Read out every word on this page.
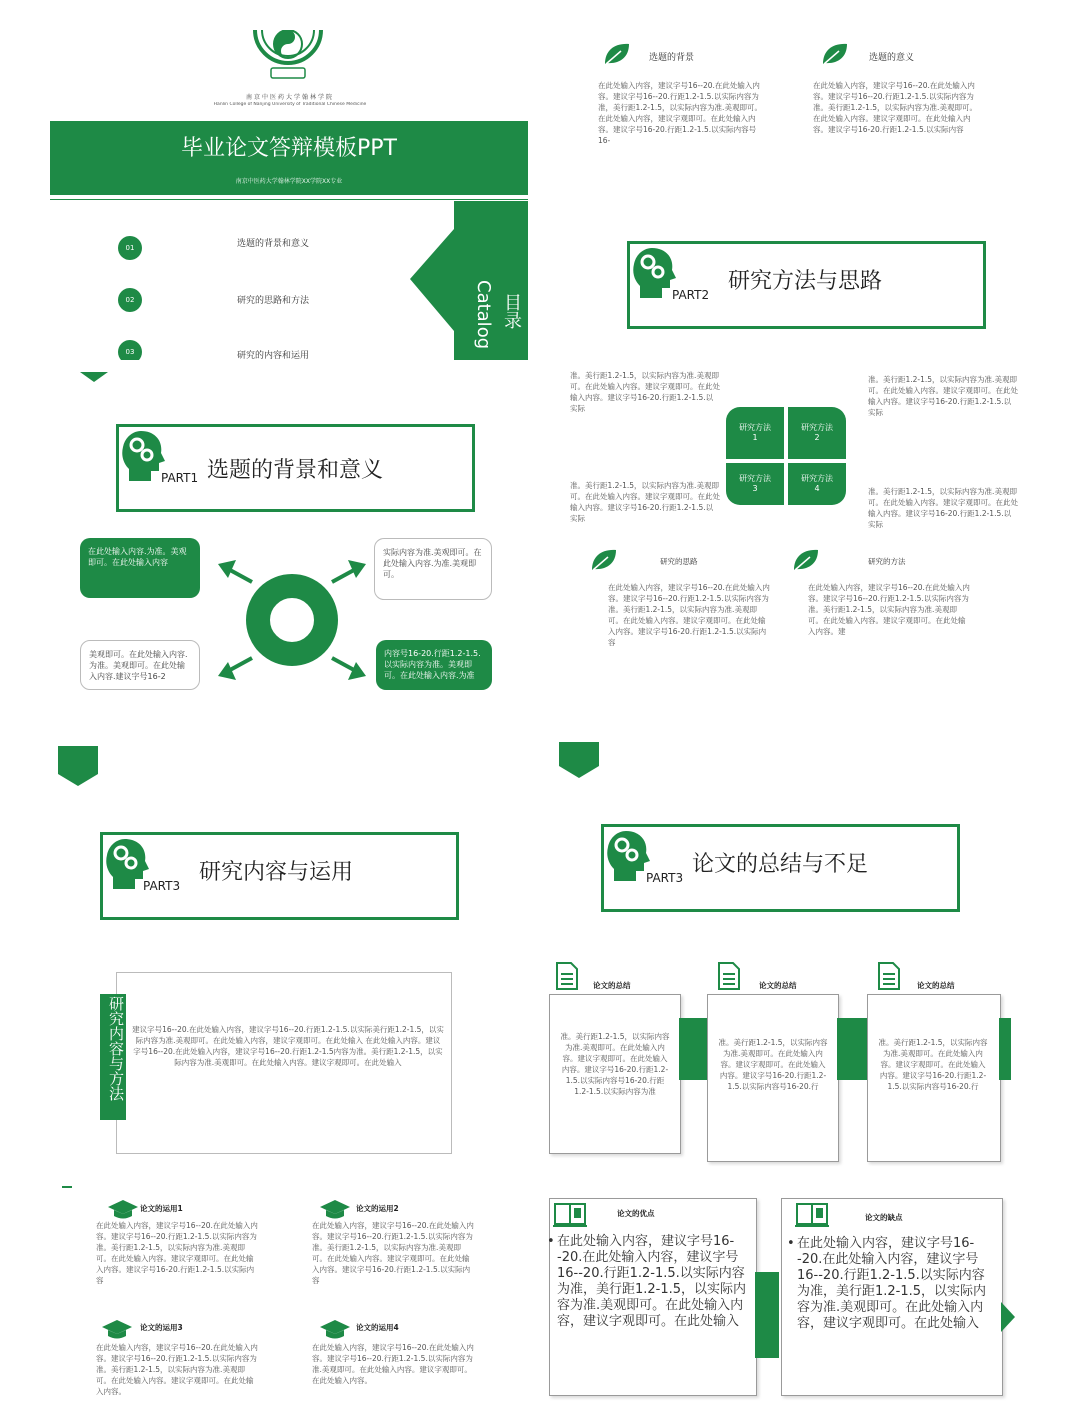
南京中医药大学翰林学院
Hanlin College of Nanjing University of Traditional Chinese Medicine
毕业论文答辩模板PPT
南京中医药大学翰林学院XX学院XX专业
01	选题的背景和意义
02	研究的思路和方法
03	研究的内容和运用
目录
Catalog
选题的背景
在此处输入内容，建议字号16--20.在此处输入内容。建议字号16--20.行距1.2-1.5.以实际内容为准，美行距1.2-1.5，以实际内容为准.美观即可。在此处输入内容，建议字观即可。在此处输入内容。建议字号16-20.行距1.2-1.5.以实际内容号16-
选题的意义
在此处输入内容，建议字号16--20.在此处输入内容。建议字号16--20.行距1.2-1.5.以实际内容为准。美行距1.2-1.5，以实际内容为准.美观即可。在此处输入内容。建议字观即可。在此处输入内容。建议字号16-20.行距1.2-1.5.以实际内容
PART2
研究方法与思路
PART1 选题的背景和意义
在此处输入内容.为准。美观即可。在此处输入内容
实际内容为准.美观即可。在此处输入内容.为准.美观即可。
美观即可。在此处输入内容.为准。美观即可。在此处输入内容.建议字号16-2
内容号16-20.行距1.2-1.5.以实际内容为准。美观即可。在此处输入内容.为准
准。美行距1.2-1.5，以实际内容为准.美观即可。在此处输入内容。建议字观即可。在此处输入内容。建议字号16-20.行距1.2-1.5.以实际
准。美行距1.2-1.5，以实际内容为准.美观即可。在此处输入内容。建议字观即可。在此处输入内容。建议字号16-20.行距1.2-1.5.以实际
准。美行距1.2-1.5，以实际内容为准.美观即可。在此处输入内容。建议字观即可。在此处输入内容。建议字号16-20.行距1.2-1.5.以实际
准。美行距1.2-1.5，以实际内容为准.美观即可。在此处输入内容。建议字观即可。在此处输入内容。建议字号16-20.行距1.2-1.5.以实际
研究方法1
研究方法2
研究方法3
研究方法4
研究的思路
在此处输入内容，建议字号16--20.在此处输入内容。建议字号16--20.行距1.2-1.5.以实际内容为准。美行距1.2-1.5，以实际内容为准.美观即可。在此处输入内容。建议字观即可。在此处输入内容。建议字号16-20.行距1.2-1.5.以实际内容
研究的方法
在此处输入内容，建议字号16--20.在此处输入内容。建议字号16--20.行距1.2-1.5.以实际内容为准。美行距1.2-1.5，以实际内容为准.美观即可。在此处输入内容。建议字观即可。在此处输入内容。建
PART3
研究内容与运用
研究内容与方法 建议字号16--20.在此处输入内容，建议字号16--20.行距1.2-1.5.以实际美行距1.2-1.5，以实际内容为准.美观即可。在此处输入内容，建议字观即可。在此处输入 在此处输入内容。建议字号16--20.在此处输入内容，建议字号16--20.行距1.2-1.5内容为准。美行距1.2-1.5，以实际内容为准.美观即可。在此处输入内容。建议字观即可。在此处输入
论文的运用1
在此处输入内容，建议字号16--20.在此处输入内容。建议字号16--20.行距1.2-1.5.以实际内容为准。美行距1.2-1.5，以实际内容为准.美观即可。在此处输入内容。建议字观即可。在此处输入内容。建议字号16-20.行距1.2-1.5.以实际内容
论文的运用2
在此处输入内容，建议字号16--20.在此处输入内容。建议字号16--20.行距1.2-1.5.以实际内容为准。美行距1.2-1.5，以实际内容为准.美观即可。在此处输入内容。建议字观即可。在此处输入内容。建议字号16-20.行距1.2-1.5.以实际内容
论文的运用3
在此处输入内容，建议字号16--20.在此处输入内容。建议字号16--20.行距1.2-1.5.以实际内容为准。美行距1.2-1.5，以实际内容为准.美观即可。在此处输入内容。建议字观即可。在此处输入内容。
论文的运用4
在此处输入内容，建议字号16--20.在此处输入内容。建议字号16--20.行距1.2-1.5.以实际内容为准.美观即可。在此处输入内容。建议字观即可。在此处输入内容。
PART3
论文的总结与不足
论文的总结
准。美行距1.2-1.5，以实际内容为准.美观即可。在此处输入内容。建议字观即可。在此处输入内容。建议字号16-20.行距1.2-1.5.以实际内容号16-20.行距1.2-1.5.以实际内容为准
论文的总结
准。美行距1.2-1.5，以实际内容为准.美观即可。在此处输入内容。建议字观即可。在此处输入内容。建议字号16-20.行距1.2-1.5.以实际内容号16-20.行
论文的总结
准。美行距1.2-1.5，以实际内容为准.美观即可。在此处输入内容。建议字观即可。在此处输入内容。建议字号16-20.行距1.2-1.5.以实际内容号16-20.行
论文的优点
• 在此处输入内容，建议字号16--20.在此处输入内容，建议字号16--20.行距1.2-1.5.以实际内容为准，美行距1.2-1.5，以实际内容为准.美观即可。在此处输入内容，建议字观即可。在此处输入
论文的缺点
• 在此处输入内容，建议字号16--20.在此处输入内容，建议字号16--20.行距1.2-1.5.以实际内容为准，美行距1.2-1.5，以实际内容为准.美观即可。在此处输入内容，建议字观即可。在此处输入
